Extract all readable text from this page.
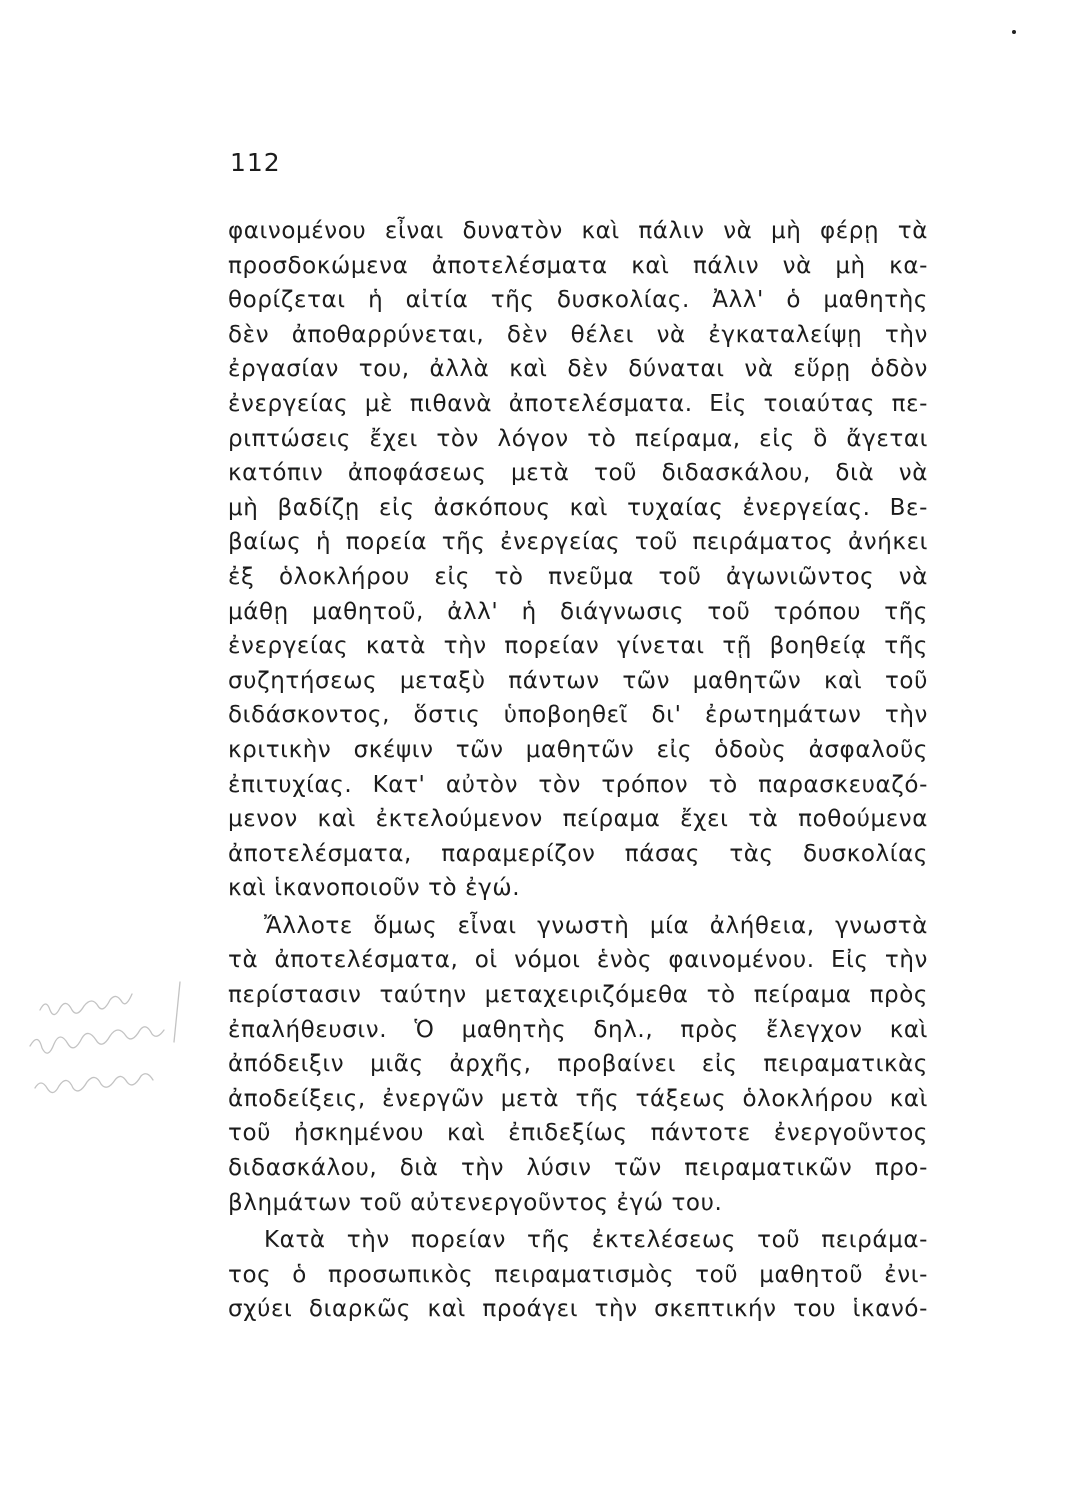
112

φαινομένου εἶναι δυνατὸν καὶ πάλιν νὰ μὴ φέρῃ τὰ
προσδοκώμενα ἀποτελέσματα καὶ πάλιν νὰ μὴ κα-
θορίζεται ἡ αἰτία τῆς δυσκολίας. Ἀλλ' ὁ μαθητὴς
δὲν ἀποθαρρύνεται, δὲν θέλει νὰ ἐγκαταλείψῃ τὴν
ἐργασίαν του, ἀλλὰ καὶ δὲν δύναται νὰ εὕρῃ ὁδὸν
ἐνεργείας μὲ πιθανὰ ἀποτελέσματα. Εἰς τοιαύτας πε-
ριπτώσεις ἔχει τὸν λόγον τὸ πείραμα, εἰς ὃ ἄγεται
κατόπιν ἀποφάσεως μετὰ τοῦ διδασκάλου, διὰ νὰ
μὴ βαδίζῃ εἰς ἀσκόπους καὶ τυχαίας ἐνεργείας. Βε-
βαίως ἡ πορεία τῆς ἐνεργείας τοῦ πειράματος ἀνήκει
ἐξ ὁλοκλήρου εἰς τὸ πνεῦμα τοῦ ἀγωνιῶντος νὰ
μάθῃ μαθητοῦ, ἀλλ' ἡ διάγνωσις τοῦ τρόπου τῆς
ἐνεργείας κατὰ τὴν πορείαν γίνεται τῇ βοηθείᾳ τῆς
συζητήσεως μεταξὺ πάντων τῶν μαθητῶν καὶ τοῦ
διδάσκοντος, ὅστις ὑποβοηθεῖ δι' ἐρωτημάτων τὴν
κριτικὴν σκέψιν τῶν μαθητῶν εἰς ὁδοὺς ἀσφαλοῦς
ἐπιτυχίας. Κατ' αὐτὸν τὸν τρόπον τὸ παρασκευαζό-
μενον καὶ ἐκτελούμενον πείραμα ἔχει τὰ ποθούμενα
ἀποτελέσματα, παραμερίζον πάσας τὰς δυσκολίας
καὶ ἱκανοποιοῦν τὸ ἐγώ.

Ἄλλοτε ὅμως εἶναι γνωστὴ μία ἀλήθεια, γνωστὰ
τὰ ἀποτελέσματα, οἱ νόμοι ἑνὸς φαινομένου. Εἰς τὴν
περίστασιν ταύτην μεταχειριζόμεθα τὸ πείραμα πρὸς
ἐπαλήθευσιν. Ὁ μαθητὴς δηλ., πρὸς ἔλεγχον καὶ
ἀπόδειξιν μιᾶς ἀρχῆς, προβαίνει εἰς πειραματικὰς
ἀποδείξεις, ἐνεργῶν μετὰ τῆς τάξεως ὁλοκλήρου καὶ
τοῦ ἠσκημένου καὶ ἐπιδεξίως πάντοτε ἐνεργοῦντος
διδασκάλου, διὰ τὴν λύσιν τῶν πειραματικῶν προ-
βλημάτων τοῦ αὐτενεργοῦντος ἐγώ του.

Κατὰ τὴν πορείαν τῆς ἐκτελέσεως τοῦ πειράμα-
τος ὁ προσωπικὸς πειραματισμὸς τοῦ μαθητοῦ ἐνι-
σχύει διαρκῶς καὶ προάγει τὴν σκεπτικήν του ἱκανό-
